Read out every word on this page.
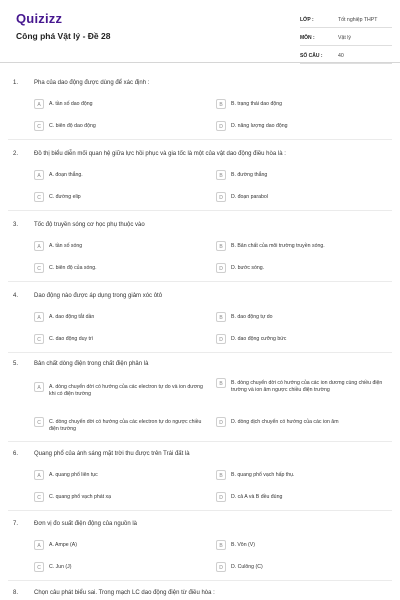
Quizizz
Công phá Vật lý - Đề 28
LỚP :	Tốt nghiệp THPT
MÔN :	Vật lý
SỐ CÂU :	40
1.	Pha của dao động được dùng để xác định :
A	A. tần số dao động	B	B. trạng thái dao động
C	C. biên độ dao động	D	D. năng lượng dao động
2.	Đồ thị biểu diễn mối quan hệ giữa lực hồi phục và gia tốc là một của vật dao động điều hòa là :
A	A. đoạn thẳng.	B	B. đường thẳng
C	C. đường elip	D	D. đoạn parabol
3.	Tốc độ truyền sóng cơ học phụ thuộc vào
A	A. tần số sóng	B	B. Bản chất của môi trường truyền sóng.
C	C. biên độ của sóng.	D	D. bước sóng.
4.	Dao động nào được áp dụng trong giảm xóc ôtô
A	A. dao động tắt dần	B	B. dao động tự do
C	C. dao động duy trì	D	D. dao động cưỡng bức
5.	Bản chất dòng điện trong chất điện phân là
A	A. dòng chuyển dời có hướng của các electron tự do và ion dương khi có điện trường
B	B. dòng chuyển dời có hướng của các ion dương cùng chiều điện trường và ion âm ngược chiều điện trường
C	C. dòng chuyển dời có hướng của các electron tự do ngược chiều điện trường
D	D. dòng dịch chuyển có hướng của các ion âm
6.	Quang phổ của ánh sáng mặt trời thu được trên Trái đất là
A	A. quang phổ liên tục	B	B. quang phổ vạch hấp thụ.
C	C. quang phổ vạch phát xạ	D	D. cả A và B đều đúng
7.	Đơn vị đo suất điện động của nguồn là
A	A. Ampe (A)	B	B. Vôn (V)
C	C. Jun (J)	D	D. Culông (C)
8.	Chọn câu phát biểu sai. Trong mạch LC dao động điện từ điều hòa :
